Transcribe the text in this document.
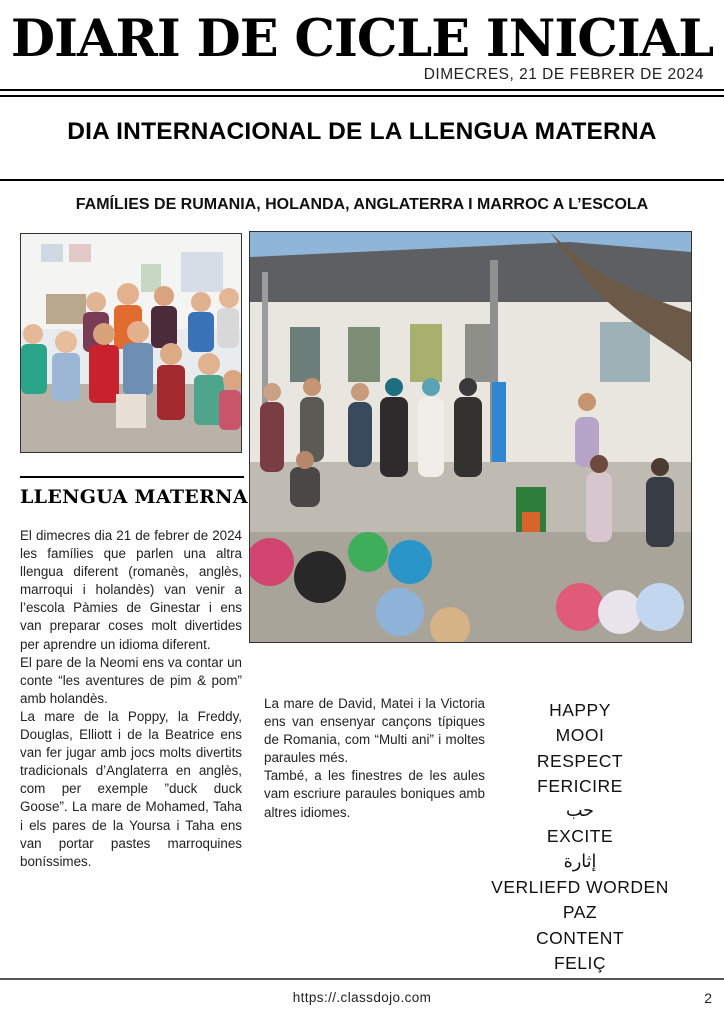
DIARI DE CICLE INICIAL
DIMECRES, 21 DE FEBRER DE 2024
DIA INTERNACIONAL DE LA LLENGUA MATERNA
FAMÍLIES DE RUMANIA, HOLANDA, ANGLATERRA I MARROC A L’ESCOLA
LLENGUA MATERNA

El dimecres dia 21 de febrer de 2024 les famílies que parlen una altra llengua diferent (romanès, anglès, marroqui i holandès) van venir a l’escola Pàmies de Ginestar i ens van preparar coses molt divertides per aprendre un idioma diferent.

El pare de la Neomi ens va contar un conte “les aventures de pim & pom” amb holandès.

La mare de la Poppy, la Freddy, Douglas, Elliott i de la Beatrice ens van fer jugar amb jocs molts divertits tradicionals d’Anglaterra en anglès, com per exemple ”duck duck Goose”. La mare de Mohamed, Taha i els pares de la Yoursa i Taha ens van portar pastes marroquines boníssimes.

La mare de David, Matei i la Victoria ens van ensenyar cançons típiques de Romania, com “Multi ani” i moltes paraules més.

També, a les finestres de les aules vam escriure paraules boniques amb altres idiomes.

HAPPY
MOOI
RESPECT
FERICIRE
حب
EXCITE
إثارة
VERLIEFD WORDEN
PAZ
CONTENT
FELIÇ
https://.classdojo.com	2
